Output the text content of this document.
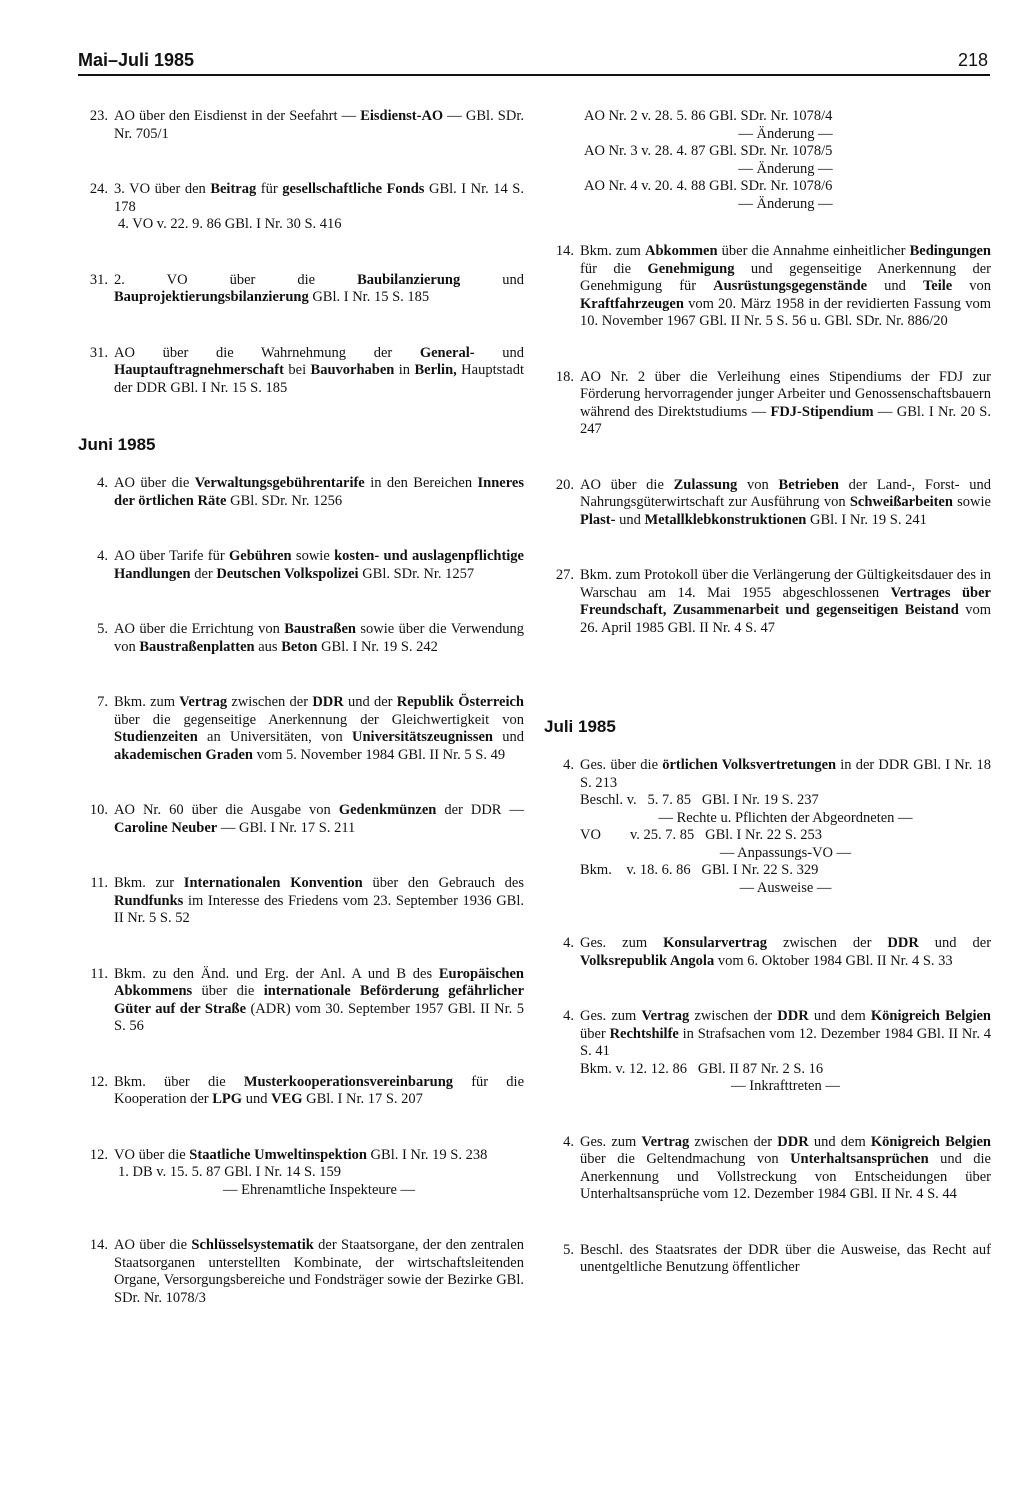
Mai–Juli 1985	218
23. AO über den Eisdienst in der Seefahrt — Eisdienst-AO — GBl. SDr. Nr. 705/1
24. 3. VO über den Beitrag für gesellschaftliche Fonds GBl. I Nr. 14 S. 178
4. VO v. 22. 9. 86 GBl. I Nr. 30 S. 416
31. 2. VO über die Baubilanzierung und Bauprojektierungsbilanzierung GBl. I Nr. 15 S. 185
31. AO über die Wahrnehmung der General- und Hauptauftragnehmerschaft bei Bauvorhaben in Berlin, Hauptstadt der DDR GBl. I Nr. 15 S. 185
Juni 1985
4. AO über die Verwaltungsgebührentarife in den Bereichen Inneres der örtlichen Räte GBl. SDr. Nr. 1256
4. AO über Tarife für Gebühren sowie kosten- und auslagenpflichtige Handlungen der Deutschen Volkspolizei GBl. SDr. Nr. 1257
5. AO über die Errichtung von Baustraßen sowie über die Verwendung von Baustraßenplatten aus Beton GBl. I Nr. 19 S. 242
7. Bkm. zum Vertrag zwischen der DDR und der Republik Österreich über die gegenseitige Anerkennung der Gleichwertigkeit von Studienzeiten an Universitäten, von Universitätszeugnissen und akademischen Graden vom 5. November 1984 GBl. II Nr. 5 S. 49
10. AO Nr. 60 über die Ausgabe von Gedenkmünzen der DDR — Caroline Neuber — GBl. I Nr. 17 S. 211
11. Bkm. zur Internationalen Konvention über den Gebrauch des Rundfunks im Interesse des Friedens vom 23. September 1936 GBl. II Nr. 5 S. 52
11. Bkm. zu den Änd. und Erg. der Anl. A und B des Europäischen Abkommens über die internationale Beförderung gefährlicher Güter auf der Straße (ADR) vom 30. September 1957 GBl. II Nr. 5 S. 56
12. Bkm. über die Musterkooperationsvereinbarung für die Kooperation der LPG und VEG GBl. I Nr. 17 S. 207
12. VO über die Staatliche Umweltinspektion GBl. I Nr. 19 S. 238
1. DB v. 15. 5. 87 GBl. I Nr. 14 S. 159
— Ehrenamtliche Inspekteure —
14. AO über die Schlüsselsystematik der Staatsorgane, der den zentralen Staatsorganen unterstellten Kombinate, der wirtschaftsleitenden Organe, Versorgungsbereiche und Fondsträger sowie der Bezirke GBl. SDr. Nr. 1078/3
AO Nr. 2 v. 28. 5. 86 GBl. SDr. Nr. 1078/4
— Änderung —
AO Nr. 3 v. 28. 4. 87 GBl. SDr. Nr. 1078/5
— Änderung —
AO Nr. 4 v. 20. 4. 88 GBl. SDr. Nr. 1078/6
— Änderung —
14. Bkm. zum Abkommen über die Annahme einheitlicher Bedingungen für die Genehmigung und gegenseitige Anerkennung der Genehmigung für Ausrüstungsgegenstände und Teile von Kraftfahrzeugen vom 20. März 1958 in der revidierten Fassung vom 10. November 1967 GBl. II Nr. 5 S. 56 u. GBl. SDr. Nr. 886/20
18. AO Nr. 2 über die Verleihung eines Stipendiums der FDJ zur Förderung hervorragender junger Arbeiter und Genossenschaftsbauern während des Direktstudiums — FDJ-Stipendium — GBl. I Nr. 20 S. 247
20. AO über die Zulassung von Betrieben der Land-, Forst- und Nahrungsgüterwirtschaft zur Ausführung von Schweißarbeiten sowie Plast- und Metallklebkonstruktionen GBl. I Nr. 19 S. 241
27. Bkm. zum Protokoll über die Verlängerung der Gültigkeitsdauer des in Warschau am 14. Mai 1955 abgeschlossenen Vertrages über Freundschaft, Zusammenarbeit und gegenseitigen Beistand vom 26. April 1985 GBl. II Nr. 4 S. 47
Juli 1985
4. Ges. über die örtlichen Volksvertretungen in der DDR GBl. I Nr. 18 S. 213
Beschl. v.   5. 7. 85   GBl. I Nr. 19 S. 237
— Rechte u. Pflichten der Abgeordneten —
VO        v. 25. 7. 85   GBl. I Nr. 22 S. 253
— Anpassungs-VO —
Bkm.    v. 18. 6. 86   GBl. I Nr. 22 S. 329
— Ausweise —
4. Ges. zum Konsularvertrag zwischen der DDR und der Volksrepublik Angola vom 6. Oktober 1984 GBl. II Nr. 4 S. 33
4. Ges. zum Vertrag zwischen der DDR und dem Königreich Belgien über Rechtshilfe in Strafsachen vom 12. Dezember 1984 GBl. II Nr. 4 S. 41
Bkm. v. 12. 12. 86   GBl. II 87 Nr. 2 S. 16
— Inkrafttreten —
4. Ges. zum Vertrag zwischen der DDR und dem Königreich Belgien über die Geltendmachung von Unterhaltsansprüchen und die Anerkennung und Vollstreckung von Entscheidungen über Unterhaltsansprüche vom 12. Dezember 1984 GBl. II Nr. 4 S. 44
5. Beschl. des Staatsrates der DDR über die Ausweise, das Recht auf unentgeltliche Benutzung öffentlicher
